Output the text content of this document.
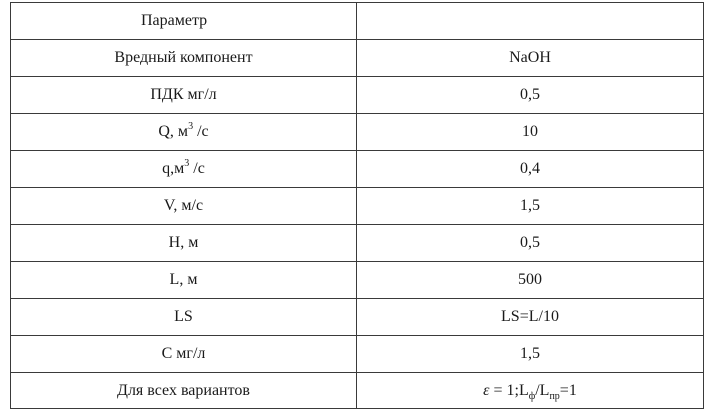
Параметр	
Вредный компонент	NaOH
ПДК мг/л	0,5
Q, $м^3$ /с	10
$q,м^3$ /с	0,4
V, м/с	1,5
H, м	0,5
L, м	500
LS	LS=L/10
C мг/л	1,5
Для всех вариантов	$\varepsilon = 1;L_ф/L_{пр}=1$
